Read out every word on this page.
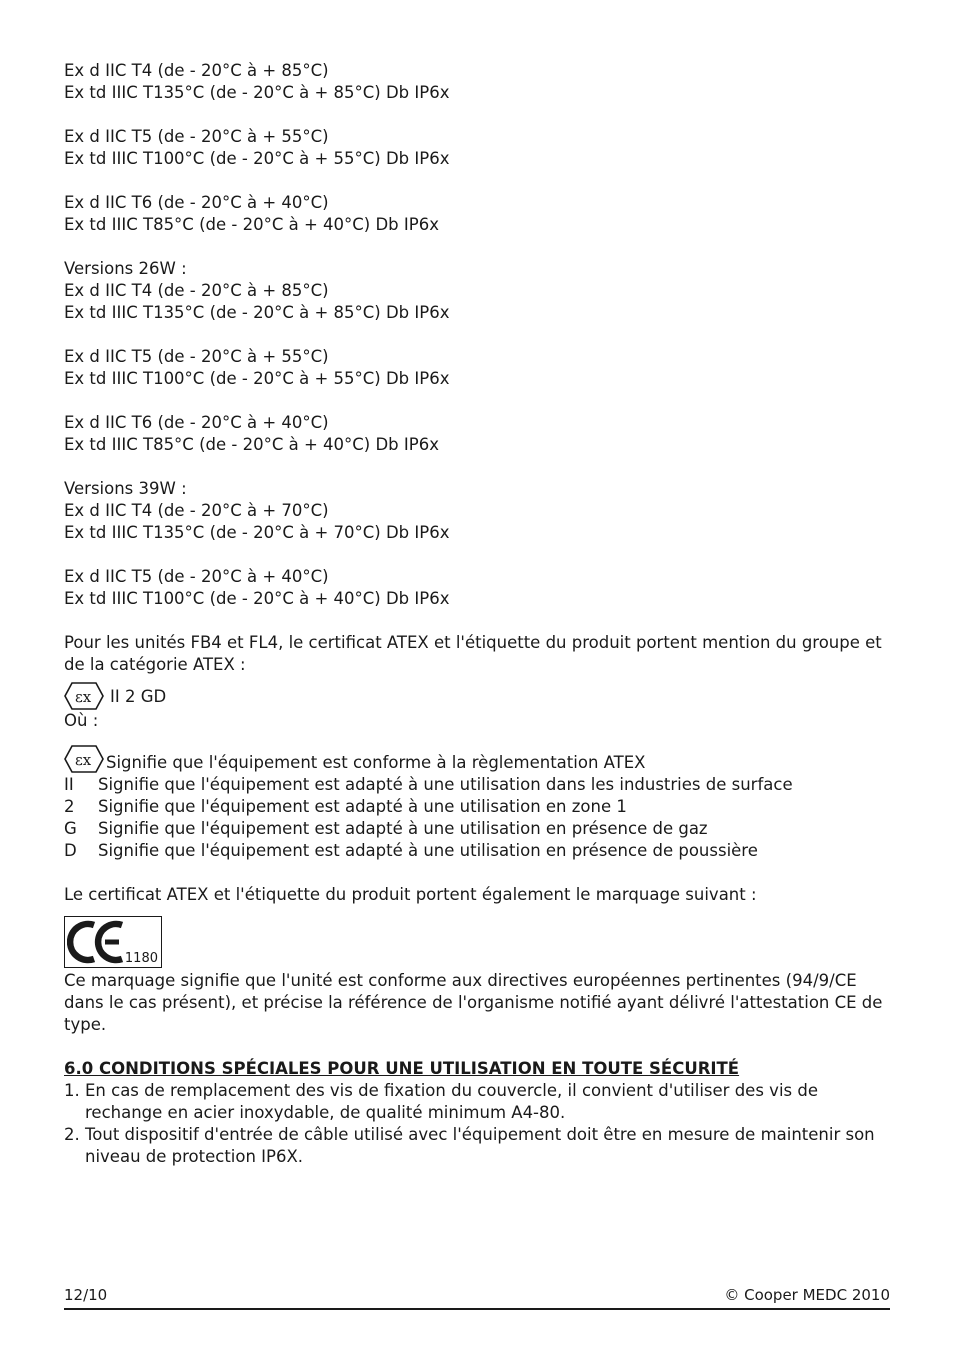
Ex d IIC T4 (de - 20°C à + 85°C)
Ex td IIIC T135°C (de - 20°C à + 85°C) Db IP6x
Ex d IIC T5 (de - 20°C à + 55°C)
Ex td IIIC T100°C (de - 20°C à + 55°C) Db IP6x
Ex d IIC T6 (de - 20°C à + 40°C)
Ex td IIIC T85°C (de - 20°C à + 40°C) Db IP6x
Versions 26W :
Ex d IIC T4 (de - 20°C à + 85°C)
Ex td IIIC T135°C (de - 20°C à + 85°C) Db IP6x
Ex d IIC T5 (de - 20°C à + 55°C)
Ex td IIIC T100°C (de - 20°C à + 55°C) Db IP6x
Ex d IIC T6 (de - 20°C à + 40°C)
Ex td IIIC T85°C (de - 20°C à + 40°C) Db IP6x
Versions 39W :
Ex d IIC T4 (de - 20°C à + 70°C)
Ex td IIIC T135°C (de - 20°C à + 70°C) Db IP6x
Ex d IIC T5 (de - 20°C à + 40°C)
Ex td IIIC T100°C (de - 20°C à + 40°C) Db IP6x
Pour les unités FB4 et FL4, le certificat ATEX et l'étiquette du produit portent mention du groupe et de la catégorie ATEX :
εx II 2 GD
Où :
εx Signifie que l'équipement est conforme à la règlementation ATEX
II	Signifie que l'équipement est adapté à une utilisation dans les industries de surface
2	Signifie que l'équipement est adapté à une utilisation en zone 1
G	Signifie que l'équipement est adapté à une utilisation en présence de gaz
D	Signifie que l'équipement est adapté à une utilisation en présence de poussière
Le certificat ATEX et l'étiquette du produit portent également le marquage suivant :
1180
Ce marquage signifie que l'unité est conforme aux directives européennes pertinentes (94/9/CE dans le cas présent), et précise la référence de l'organisme notifié ayant délivré l'attestation CE de type.
6.0 CONDITIONS SPÉCIALES POUR UNE UTILISATION EN TOUTE SÉCURITÉ
1. En cas de remplacement des vis de fixation du couvercle, il convient d'utiliser des vis de rechange en acier inoxydable, de qualité minimum A4-80.
2. Tout dispositif d'entrée de câble utilisé avec l'équipement doit être en mesure de maintenir son niveau de protection IP6X.
12/10	© Cooper MEDC 2010
